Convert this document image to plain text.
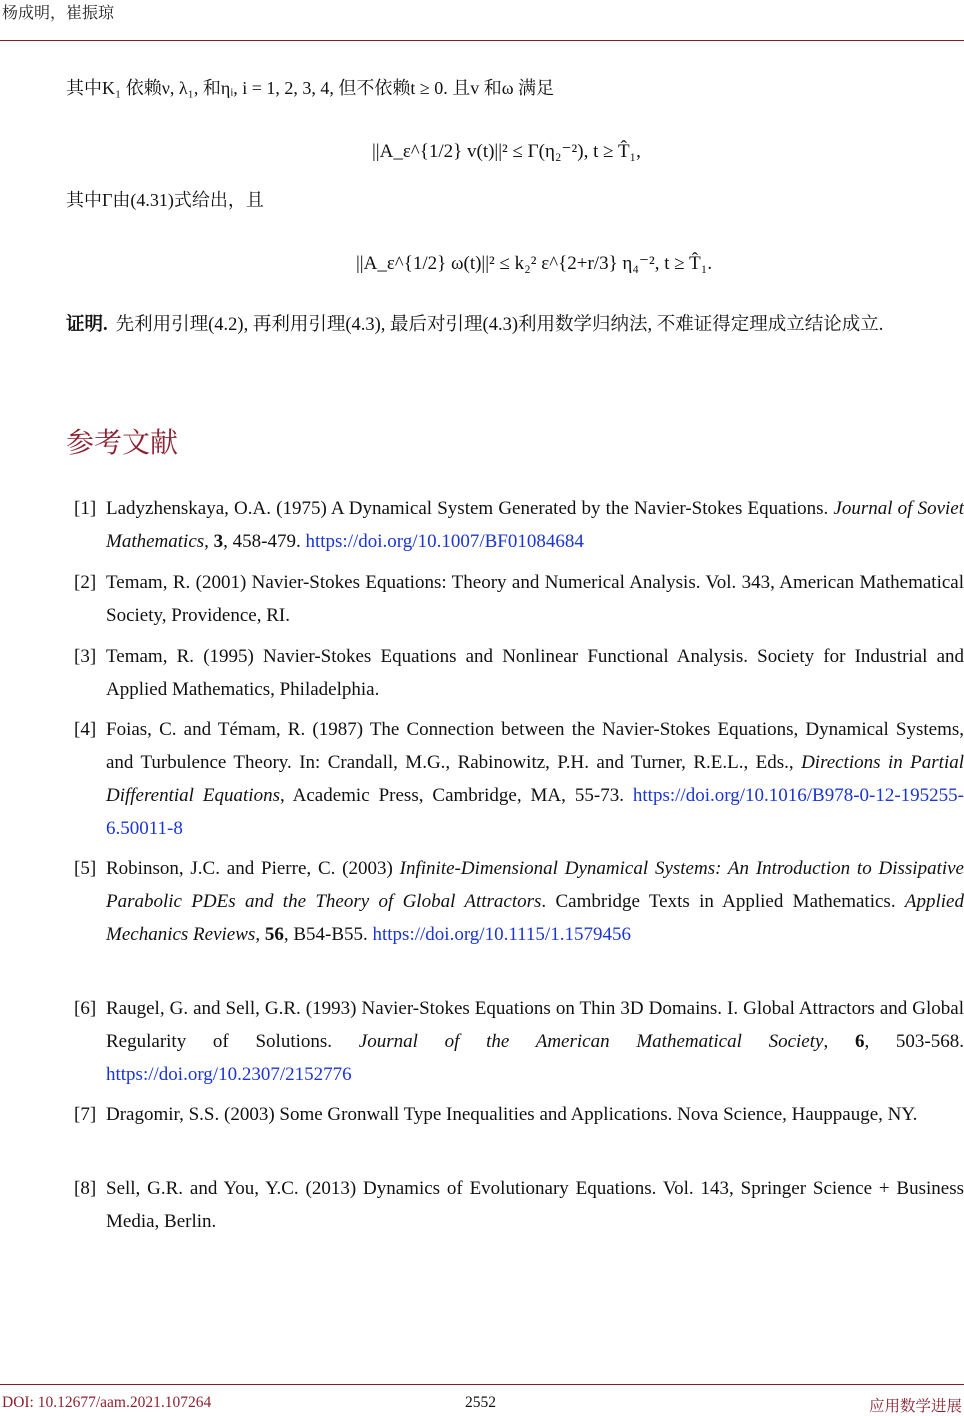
杨成明，崔振琼
其中K₁ 依赖ν, λ₁, 和ηᵢ, i = 1, 2, 3, 4, 但不依赖t ≥ 0. 且v 和ω 满足
||A_ε^{1/2} v(t)||² ≤ Γ(η₂⁻²), t ≥ T̂₁,
其中Γ由(4.31)式给出，且
||A_ε^{1/2} ω(t)||² ≤ k₂² ε^{2+r/3} η₄⁻², t ≥ T̂₁.
证明. 先利用引理(4.2), 再利用引理(4.3), 最后对引理(4.3)利用数学归纳法, 不难证得定理成立结论成立.
参考文献
[1] Ladyzhenskaya, O.A. (1975) A Dynamical System Generated by the Navier-Stokes Equations. Journal of Soviet Mathematics, 3, 458-479. https://doi.org/10.1007/BF01084684
[2] Temam, R. (2001) Navier-Stokes Equations: Theory and Numerical Analysis. Vol. 343, American Mathematical Society, Providence, RI.
[3] Temam, R. (1995) Navier-Stokes Equations and Nonlinear Functional Analysis. Society for Industrial and Applied Mathematics, Philadelphia.
[4] Foias, C. and Témam, R. (1987) The Connection between the Navier-Stokes Equations, Dynamical Systems, and Turbulence Theory. In: Crandall, M.G., Rabinowitz, P.H. and Turner, R.E.L., Eds., Directions in Partial Differential Equations, Academic Press, Cambridge, MA, 55-73. https://doi.org/10.1016/B978-0-12-195255-6.50011-8
[5] Robinson, J.C. and Pierre, C. (2003) Infinite-Dimensional Dynamical Systems: An Introduction to Dissipative Parabolic PDEs and the Theory of Global Attractors. Cambridge Texts in Applied Mathematics. Applied Mechanics Reviews, 56, B54-B55. https://doi.org/10.1115/1.1579456
[6] Raugel, G. and Sell, G.R. (1993) Navier-Stokes Equations on Thin 3D Domains. I. Global Attractors and Global Regularity of Solutions. Journal of the American Mathematical Society, 6, 503-568. https://doi.org/10.2307/2152776
[7] Dragomir, S.S. (2003) Some Gronwall Type Inequalities and Applications. Nova Science, Hauppauge, NY.
[8] Sell, G.R. and You, Y.C. (2013) Dynamics of Evolutionary Equations. Vol. 143, Springer Science + Business Media, Berlin.
DOI: 10.12677/aam.2021.107264	2552	应用数学进展
